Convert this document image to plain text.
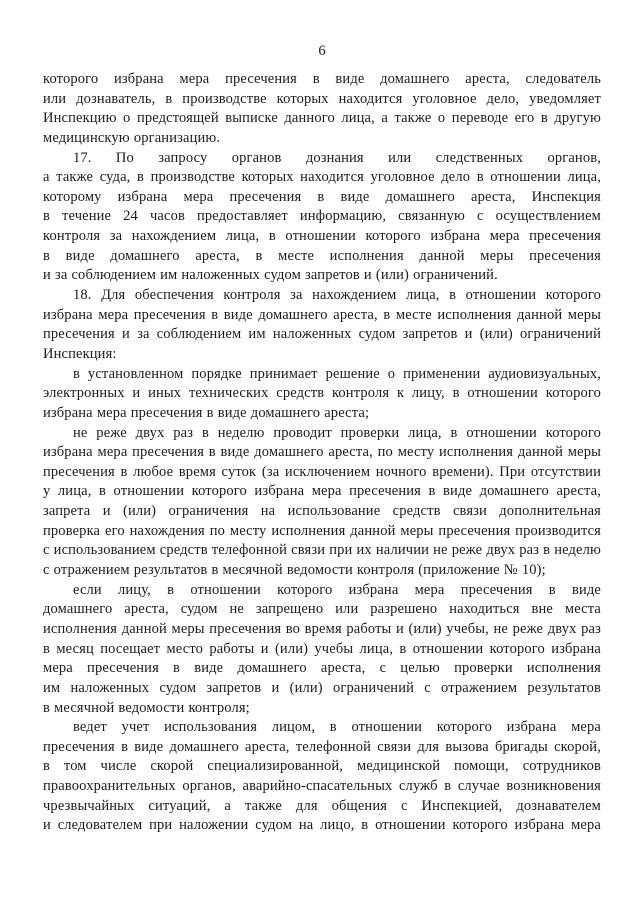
6
которого избрана мера пресечения в виде домашнего ареста, следователь
или дознаватель, в производстве которых находится уголовное дело, уведомляет
Инспекцию о предстоящей выписке данного лица, а также о переводе его в другую
медицинскую организацию.
17. По запросу органов дознания или следственных органов,
а также суда, в производстве которых находится уголовное дело в отношении лица,
которому избрана мера пресечения в виде домашнего ареста, Инспекция
в течение 24 часов предоставляет информацию, связанную с осуществлением
контроля за нахождением лица, в отношении которого избрана мера пресечения
в виде домашнего ареста, в месте исполнения данной меры пресечения
и за соблюдением им наложенных судом запретов и (или) ограничений.
18. Для обеспечения контроля за нахождением лица, в отношении которого
избрана мера пресечения в виде домашнего ареста, в месте исполнения данной меры
пресечения и за соблюдением им наложенных судом запретов и (или) ограничений
Инспекция:
в установленном порядке принимает решение о применении аудиовизуальных,
электронных и иных технических средств контроля к лицу, в отношении которого
избрана мера пресечения в виде домашнего ареста;
не реже двух раз в неделю проводит проверки лица, в отношении которого
избрана мера пресечения в виде домашнего ареста, по месту исполнения данной меры
пресечения в любое время суток (за исключением ночного времени). При отсутствии
у лица, в отношении которого избрана мера пресечения в виде домашнего ареста,
запрета и (или) ограничения на использование средств связи дополнительная
проверка его нахождения по месту исполнения данной меры пресечения производится
с использованием средств телефонной связи при их наличии не реже двух раз в неделю
с отражением результатов в месячной ведомости контроля (приложение № 10);
если лицу, в отношении которого избрана мера пресечения в виде
домашнего ареста, судом не запрещено или разрешено находиться вне места
исполнения данной меры пресечения во время работы и (или) учебы, не реже двух раз
в месяц посещает место работы и (или) учебы лица, в отношении которого избрана
мера пресечения в виде домашнего ареста, с целью проверки исполнения
им наложенных судом запретов и (или) ограничений с отражением результатов
в месячной ведомости контроля;
ведет учет использования лицом, в отношении которого избрана мера
пресечения в виде домашнего ареста, телефонной связи для вызова бригады скорой,
в том числе скорой специализированной, медицинской помощи, сотрудников
правоохранительных органов, аварийно-спасательных служб в случае возникновения
чрезвычайных ситуаций, а также для общения с Инспекцией, дознавателем
и следователем при наложении судом на лицо, в отношении которого избрана мера
